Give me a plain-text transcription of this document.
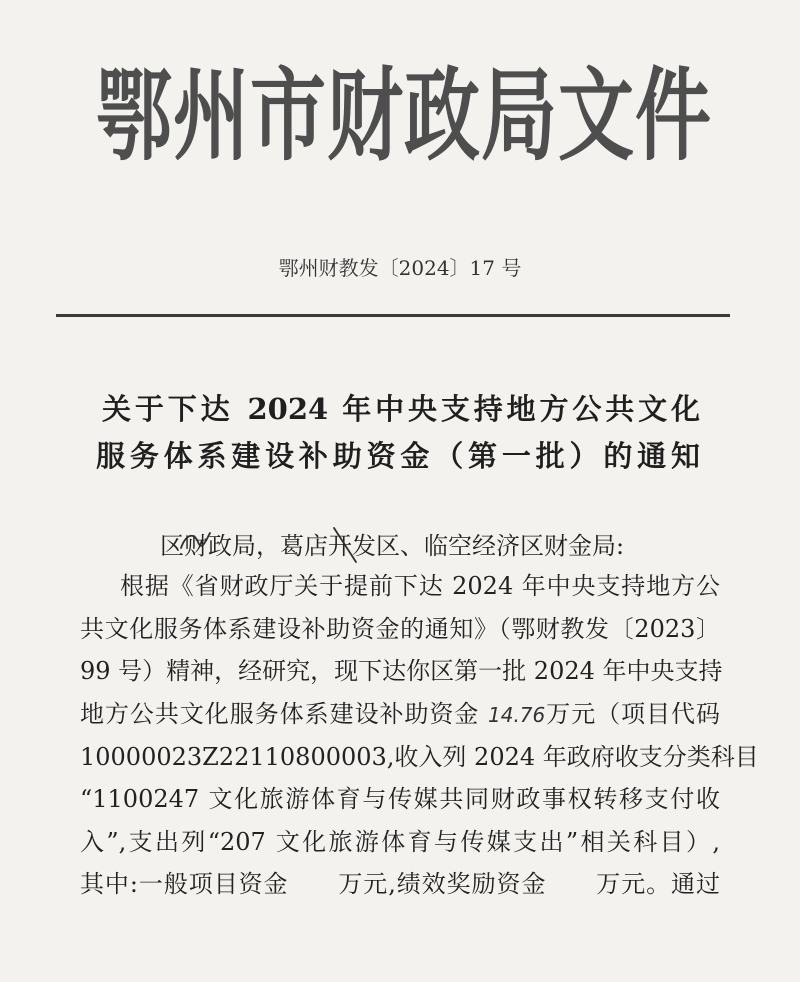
鄂州市财政局文件
鄂州财教发〔2024〕17 号
关于下达 2024 年中央支持地方公共文化
服务体系建设补助资金（第一批）的通知
区财政局，葛店开发区、临空经济区财金局:
根据《省财政厅关于提前下达 2024 年中央支持地方公
共文化服务体系建设补助资金的通知》（鄂财教发〔2023〕
99 号）精神，经研究，现下达你区第一批 2024 年中央支持
地方公共文化服务体系建设补助资金 14.76万元（项目代码
10000023Z22110800003,收入列 2024 年政府收支分类科目
“1100247 文化旅游体育与传媒共同财政事权转移支付收
入”,支出列“207 文化旅游体育与传媒支出”相关科目）,
其中:一般项目资金　　万元,绩效奖励资金　　万元。通过
